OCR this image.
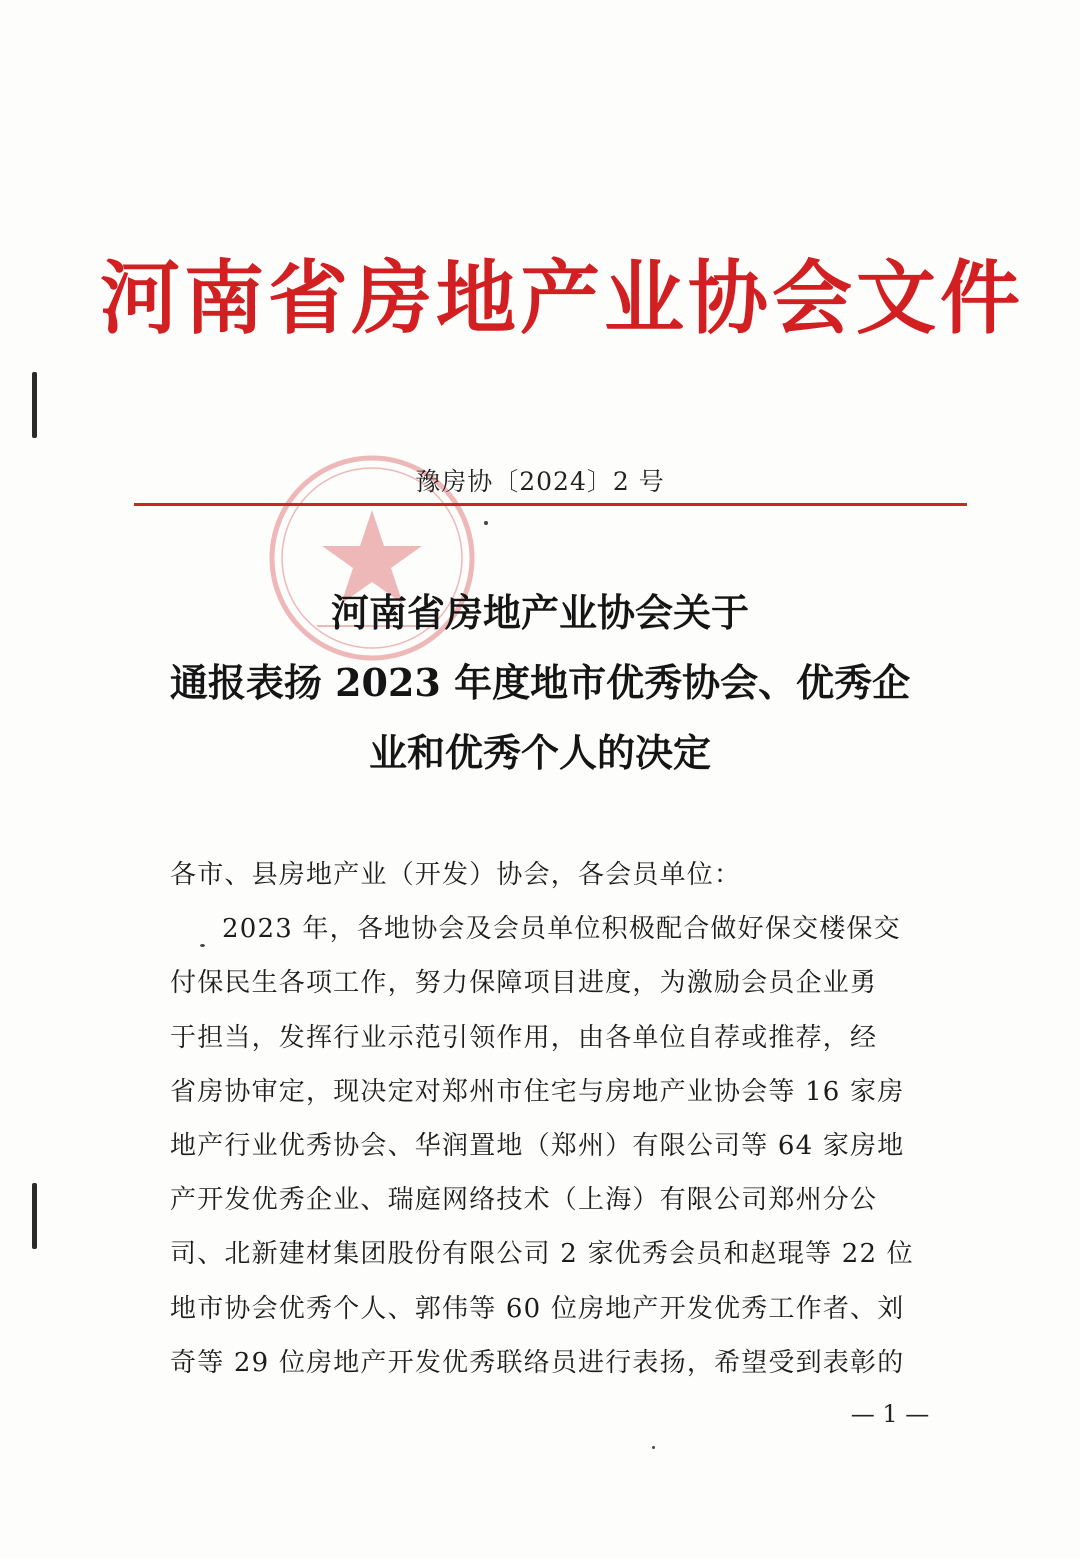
河南省房地产业协会文件
豫房协〔2024〕2 号
河南省房地产业协会关于
通报表扬 2023 年度地市优秀协会、优秀企
业和优秀个人的决定
各市、县房地产业（开发）协会，各会员单位：
2023 年，各地协会及会员单位积极配合做好保交楼保交
付保民生各项工作，努力保障项目进度，为激励会员企业勇
于担当，发挥行业示范引领作用，由各单位自荐或推荐，经
省房协审定，现决定对郑州市住宅与房地产业协会等 16 家房
地产行业优秀协会、华润置地（郑州）有限公司等 64 家房地
产开发优秀企业、瑞庭网络技术（上海）有限公司郑州分公
司、北新建材集团股份有限公司 2 家优秀会员和赵琨等 22 位
地市协会优秀个人、郭伟等 60 位房地产开发优秀工作者、刘
奇等 29 位房地产开发优秀联络员进行表扬，希望受到表彰的
— 1 —
